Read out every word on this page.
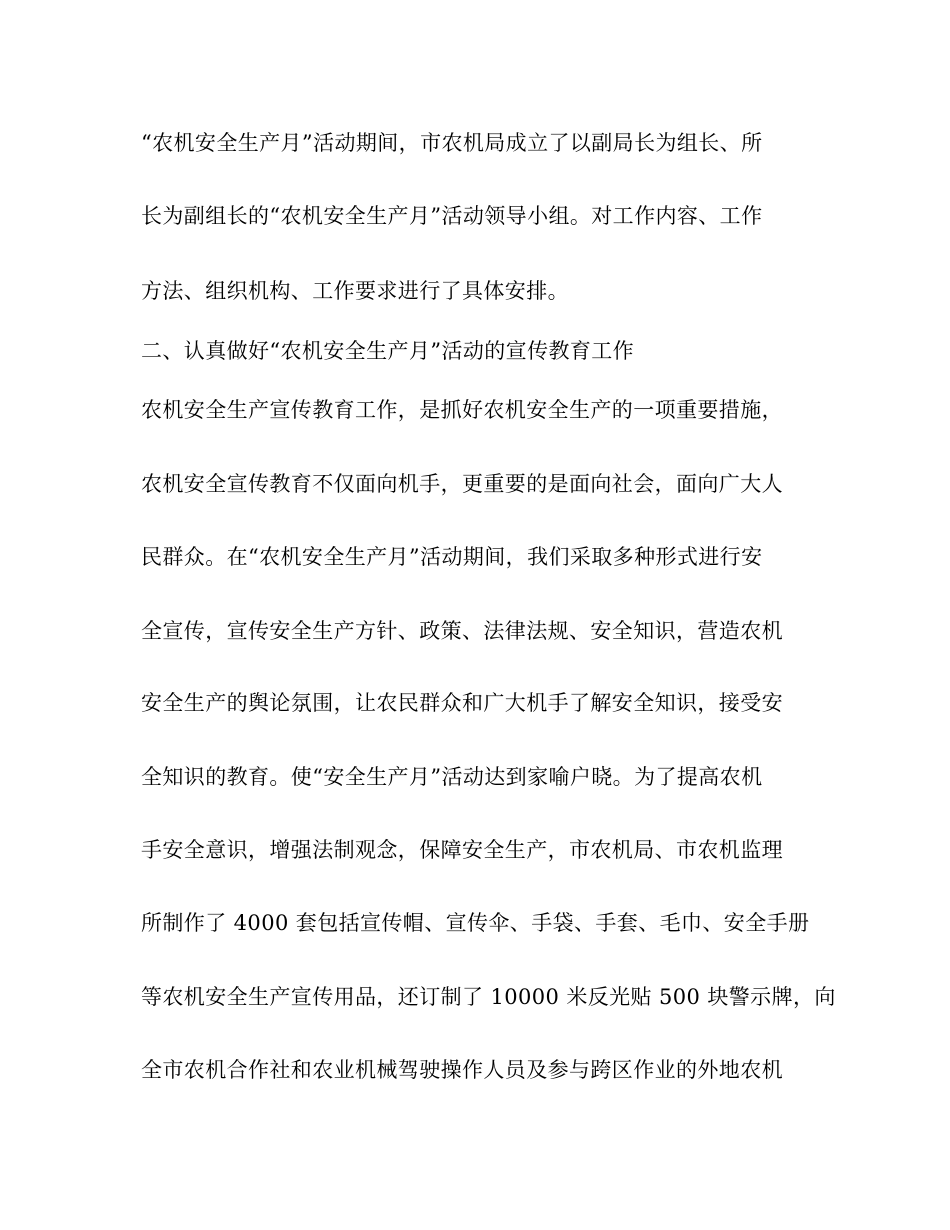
“农机安全生产月”活动期间，市农机局成立了以副局长为组长、所
长为副组长的“农机安全生产月”活动领导小组。对工作内容、工作
方法、组织机构、工作要求进行了具体安排。
二、认真做好“农机安全生产月”活动的宣传教育工作
农机安全生产宣传教育工作，是抓好农机安全生产的一项重要措施，
农机安全宣传教育不仅面向机手，更重要的是面向社会，面向广大人
民群众。在“农机安全生产月”活动期间，我们采取多种形式进行安
全宣传，宣传安全生产方针、政策、法律法规、安全知识，营造农机
安全生产的舆论氛围，让农民群众和广大机手了解安全知识，接受安
全知识的教育。使“安全生产月”活动达到家喻户晓。为了提高农机
手安全意识，增强法制观念，保障安全生产，市农机局、市农机监理
所制作了 4000 套包括宣传帽、宣传伞、手袋、手套、毛巾、安全手册
等农机安全生产宣传用品，还订制了 10000 米反光贴 500 块警示牌，向
全市农机合作社和农业机械驾驶操作人员及参与跨区作业的外地农机
